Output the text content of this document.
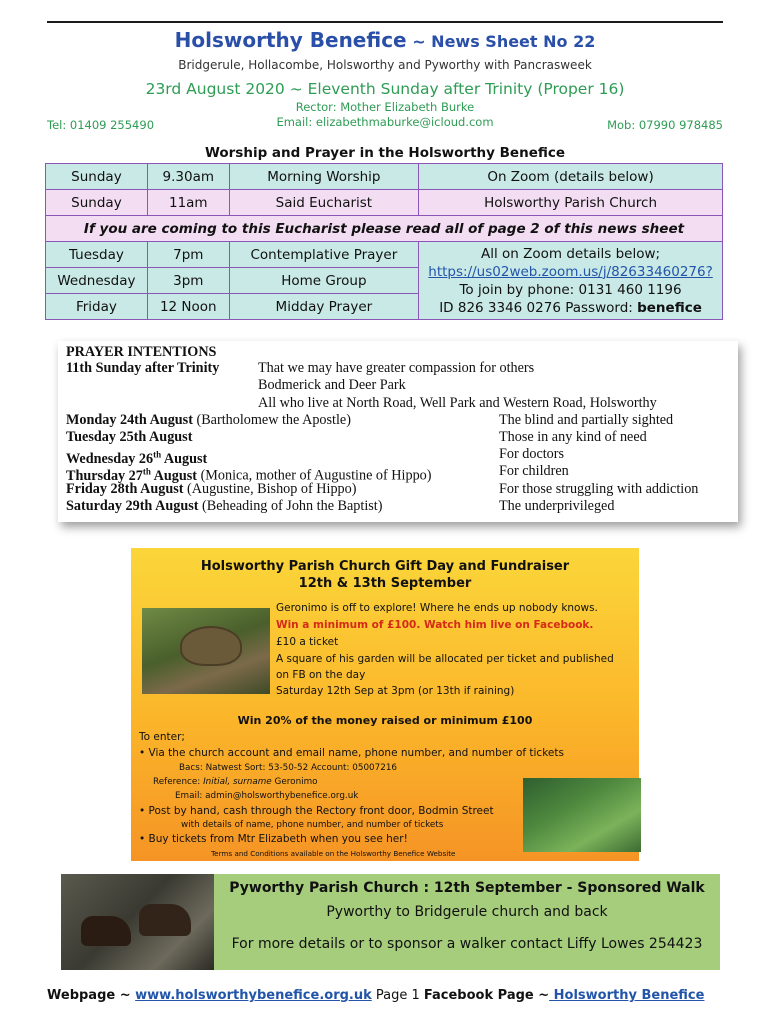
Holsworthy Benefice ~ News Sheet No 22
Bridgerule, Hollacombe, Holsworthy and Pyworthy with Pancrasweek
23rd August 2020 ~ Eleventh Sunday after Trinity (Proper 16)
Tel: 01409 255490
Rector: Mother Elizabeth Burke
Email: elizabethmaburke@icloud.com	Mob: 07990 978485
Worship and Prayer in the Holsworthy Benefice
Sunday	9.30am	Morning Worship	On Zoom (details below)
Sunday	11am	Said Eucharist	Holsworthy Parish Church
If you are coming to this Eucharist please read all of page 2 of this news sheet			
Tuesday	7pm	Contemplative Prayer	All on Zoom details below;
https://us02web.zoom.us/j/82633460276?
To join by phone: 0131 460 1196
ID 826 3346 0276 Password: benefice

Wednesday	3pm	Home Group	
Friday	12 Noon	Midday Prayer	
PRAYER INTENTIONS
11th Sunday after Trinity	That we may have greater compassion for others
Bodmerick and Deer Park
All who live at North Road, Well Park and Western Road, Holsworthy
Monday 24th August (Bartholomew the Apostle)	The blind and partially sighted
Tuesday 25th August	Those in any kind of need
Wednesday 26th August	For doctors
Thursday 27th August (Monica, mother of Augustine of Hippo)	For children
Friday 28th August (Augustine, Bishop of Hippo)	For those struggling with addiction
Saturday 29th August (Beheading of John the Baptist)	The underprivileged
Holsworthy Parish Church Gift Day and Fundraiser
12th & 13th September
Geronimo is off to explore! Where he ends up nobody knows.
Win a minimum of £100. Watch him live on Facebook.
£10 a ticket
A square of his garden will be allocated per ticket and published
on FB on the day
Saturday 12th Sep at 3pm (or 13th if raining)
Win 20% of the money raised or minimum £100
To enter;
• Via the church account and email name, phone number, and number of tickets
Bacs: Natwest Sort: 53-50-52 Account: 05007216
Reference: Initial, surname Geronimo
Email: admin@holsworthybenefice.org.uk
• Post by hand, cash through the Rectory front door, Bodmin Street
with details of name, phone number, and number of tickets
• Buy tickets from Mtr Elizabeth when you see her!
Terms and Conditions available on the Holsworthy Benefice Website
Pyworthy Parish Church : 12th September - Sponsored Walk
Pyworthy to Bridgerule church and back
For more details or to sponsor a walker contact Liffy Lowes 254423
Webpage ~ www.holsworthybenefice.org.uk Page 1 Facebook Page ~ Holsworthy Benefice
